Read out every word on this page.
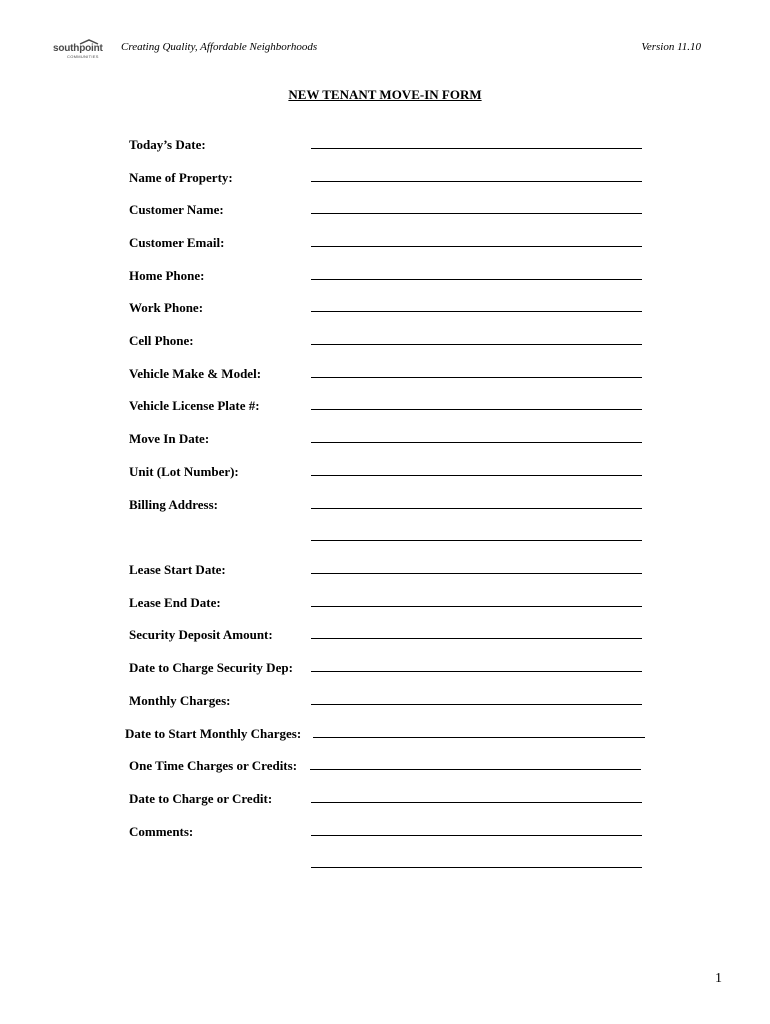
southpoint
COMMUNITIES
Creating Quality, Affordable Neighborhoods	Version 11.10
NEW TENANT MOVE-IN FORM
Today’s Date:
Name of Property:
Customer Name:
Customer Email:
Home Phone:
Work Phone:
Cell Phone:
Vehicle Make & Model:
Vehicle License Plate #:
Move In Date:
Unit (Lot Number):
Billing Address:
Lease Start Date:
Lease End Date:
Security Deposit Amount:
Date to Charge Security Dep:
Monthly Charges:
Date to Start Monthly Charges:
One Time Charges or Credits:
Date to Charge or Credit:
Comments:
1
